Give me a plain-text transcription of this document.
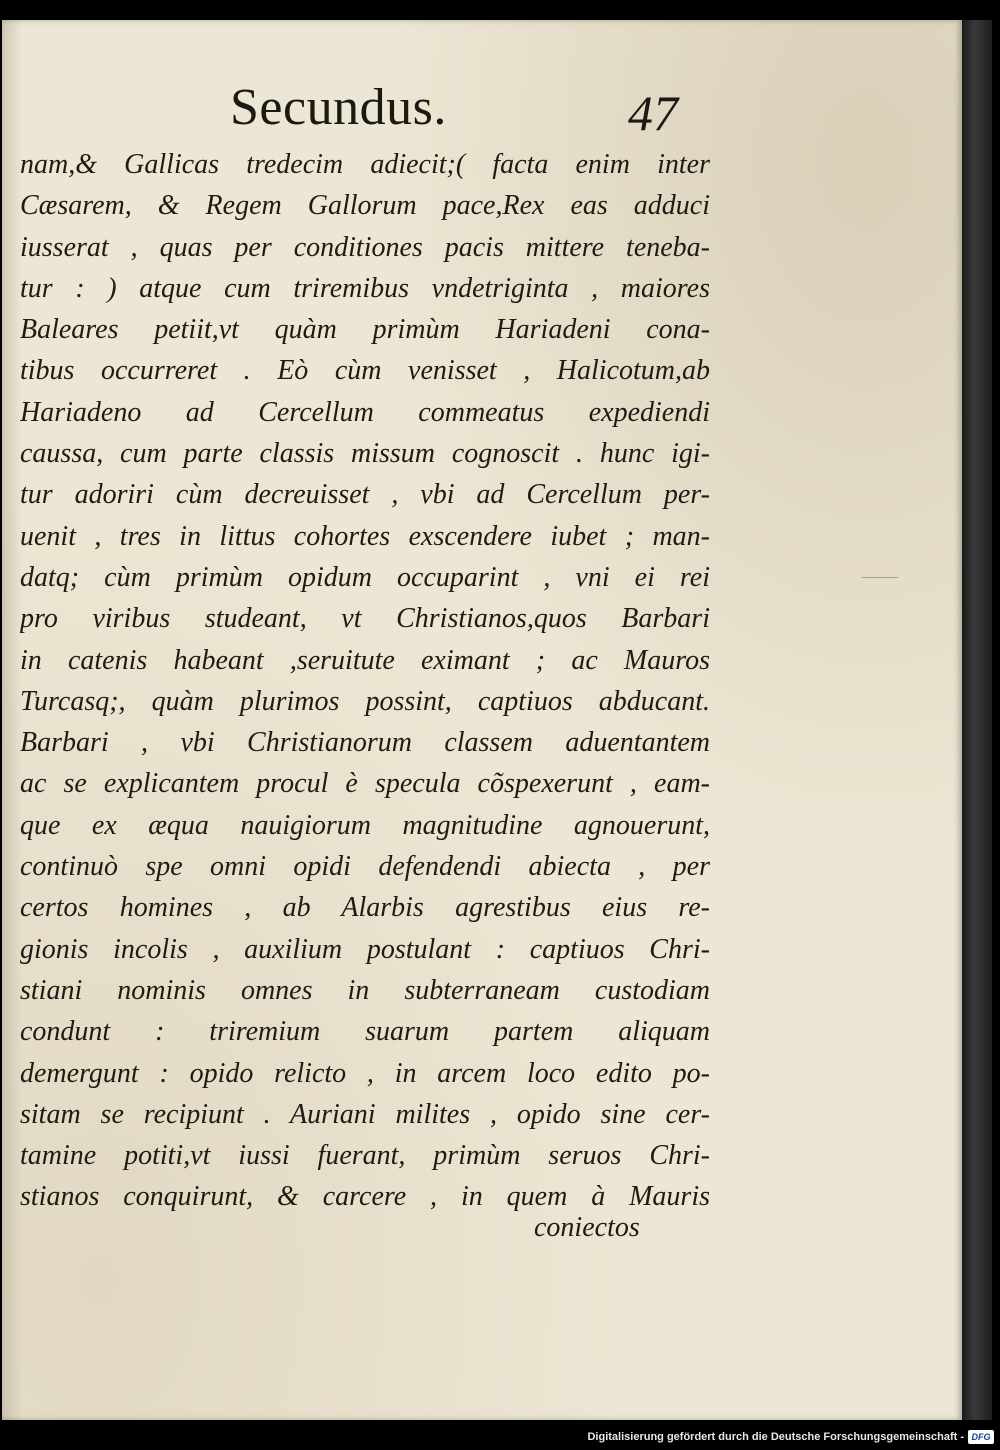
Secundus.	47
nam,& Gallicas tredecim adiecit;( facta enim inter
Cæsarem, & Regem Gallorum pace,Rex eas adduci
iusserat , quas per conditiones pacis mittere teneba-
tur : ) atque cum triremibus vndetriginta , maiores
Baleares petiit,vt quàm primùm Hariadeni cona-
tibus occurreret . Eò cùm venisset , Halicotum,ab
Hariadeno ad Cercellum commeatus expediendi
caussa, cum parte classis missum cognoscit . hunc igi-
tur adoriri cùm decreuisset , vbi ad Cercellum per-
uenit , tres in littus cohortes exscendere iubet ; man-
datq; cùm primùm opidum occuparint , vni ei rei
pro viribus studeant, vt Christianos,quos Barbari
in catenis habeant ,seruitute eximant ; ac Mauros
Turcasq;, quàm plurimos possint, captiuos abducant.
Barbari , vbi Christianorum classem aduentantem
ac se explicantem procul è specula cõspexerunt , eam-
que ex æqua nauigiorum magnitudine agnouerunt,
continuò spe omni opidi defendendi abiecta , per
certos homines , ab Alarbis agrestibus eius re-
gionis incolis , auxilium postulant : captiuos Chri-
stiani nominis omnes in subterraneam custodiam
condunt : triremium suarum partem aliquam
demergunt : opido relicto , in arcem loco edito po-
sitam se recipiunt . Auriani milites , opido sine cer-
tamine potiti,vt iussi fuerant, primùm seruos Chri-
stianos conquirunt, & carcere , in quem à Mauris
coniectos
Digitalisierung gefördert durch die Deutsche Forschungsgemeinschaft - DFG
